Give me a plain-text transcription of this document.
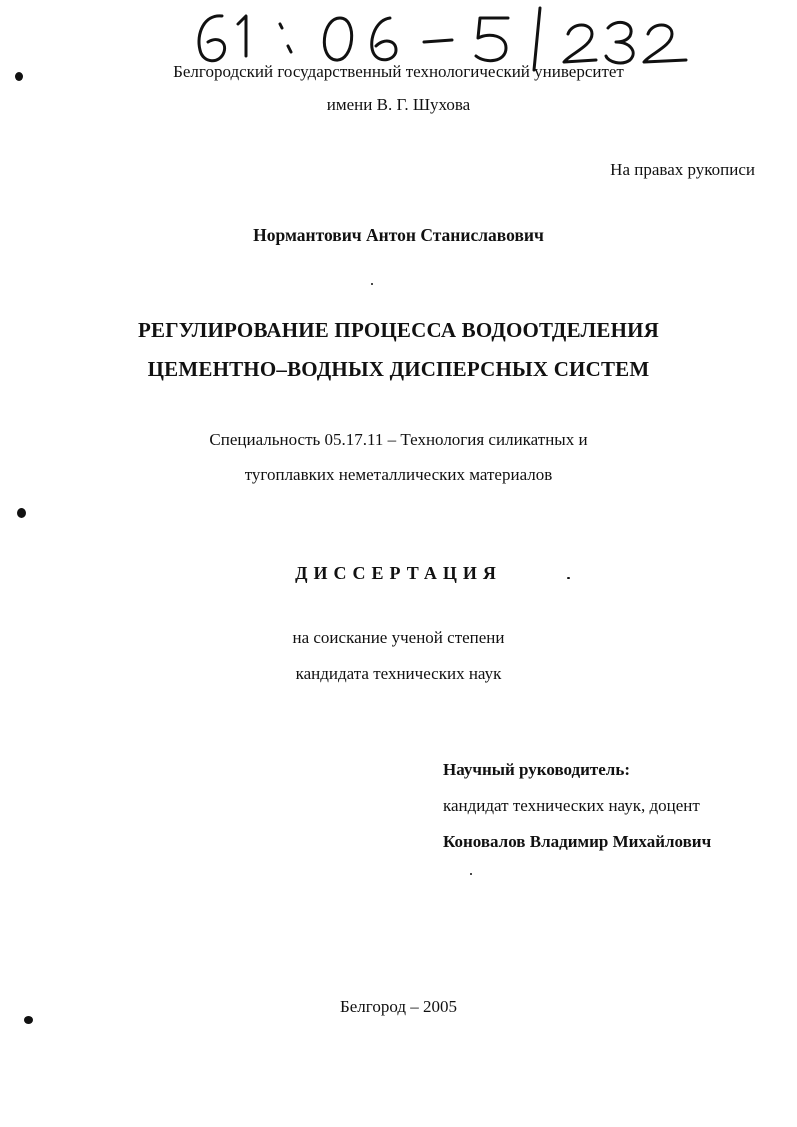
Белгородский государственный технологический университет
имени В. Г. Шухова
На правах рукописи
Нормантович Антон Станиславович
РЕГУЛИРОВАНИЕ ПРОЦЕССА ВОДООТДЕЛЕНИЯ
ЦЕМЕНТНО–ВОДНЫХ ДИСПЕРСНЫХ СИСТЕМ
Специальность 05.17.11 – Технология силикатных и
тугоплавких неметаллических материалов
ДИССЕРТАЦИЯ
на соискание ученой степени
кандидата технических наук
Научный руководитель:
кандидат технических наук, доцент
Коновалов Владимир Михайлович
Белгород – 2005
